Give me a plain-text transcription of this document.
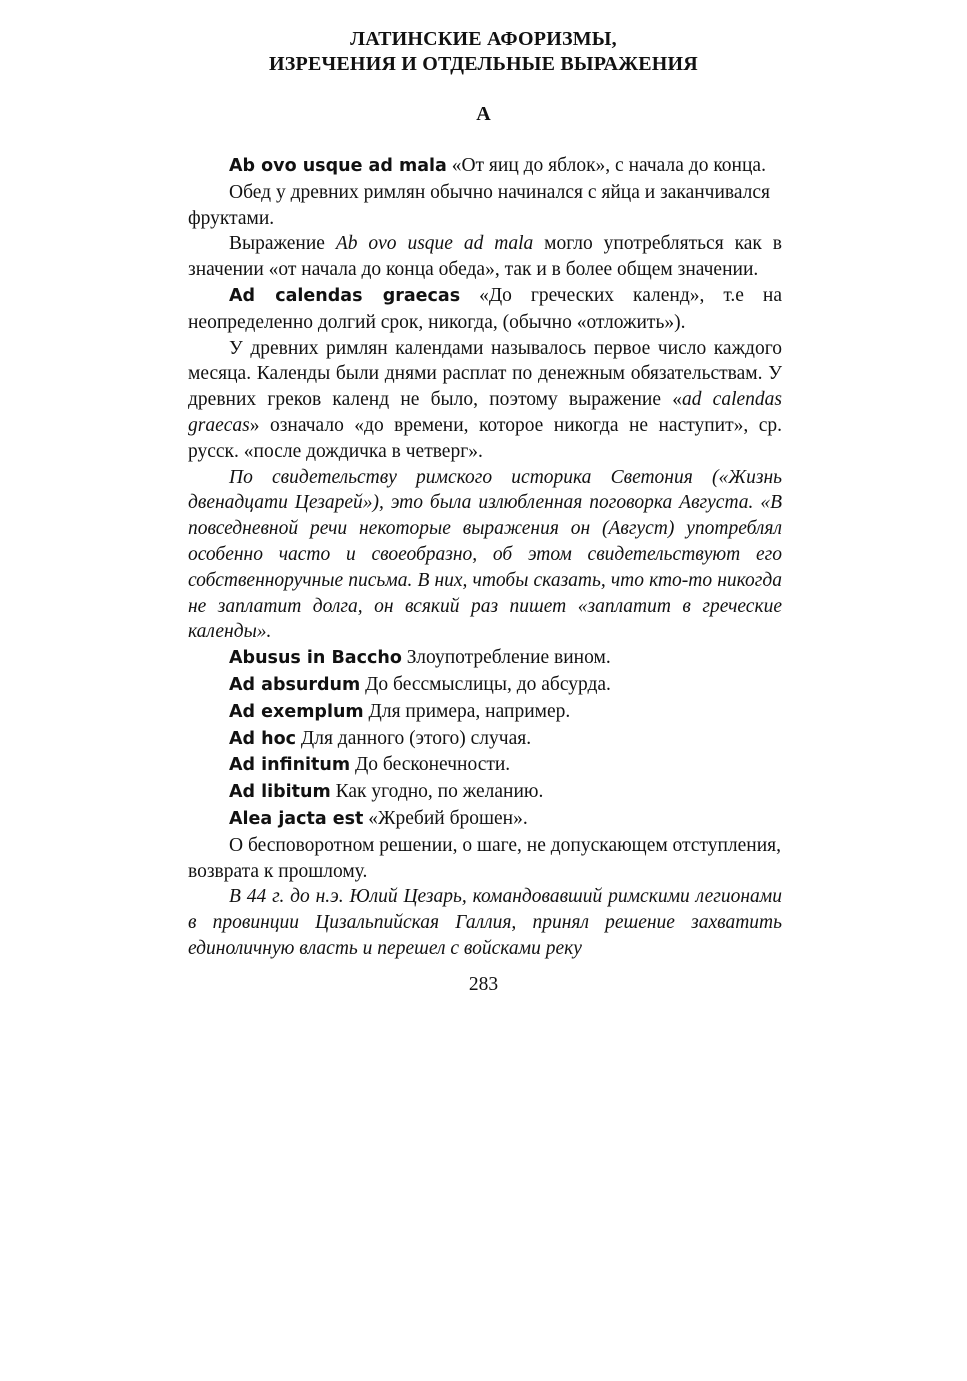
ЛАТИНСКИЕ АФОРИЗМЫ,
ИЗРЕЧЕНИЯ И ОТДЕЛЬНЫЕ ВЫРАЖЕНИЯ
А

Ab ovo usque ad mala «От яиц до яблок», с начала до конца.

Обед у древних римлян обычно начинался с яйца и заканчивался фруктами.

Выражение Ab ovo usque ad mala могло употребляться как в значении «от начала до конца обеда», так и в более общем значении.

Ad calendas graecas «До греческих календ», т.е на неопределенно долгий срок, никогда, (обычно «отложить»).

У древних римлян календами называлось первое число каждого месяца. Календы были днями расплат по денежным обязательствам. У древних греков календ не было, поэтому выражение «ad calendas graecas» означало «до времени, которое никогда не наступит», ср. русск. «после дождичка в четверг».

По свидетельству римского историка Светония («Жизнь двенадцати Цезарей»), это была излюбленная поговорка Августа. «В повседневной речи некоторые выражения он (Август) употреблял особенно часто и своеобразно, об этом свидетельствуют его собственноручные письма. В них, чтобы сказать, что кто-то никогда не заплатит долга, он всякий раз пишет «заплатит в греческие календы».

Abusus in Baccho Злоупотребление вином.

Ad absurdum До бессмыслицы, до абсурда.

Ad exemplum Для примера, например.

Ad hoc Для данного (этого) случая.

Ad infinitum До бесконечности.

Ad libitum Как угодно, по желанию.

Alea jacta est «Жребий брошен».

О бесповоротном решении, о шаге, не допускающем отступления, возврата к прошлому.

В 44 г. до н.э. Юлий Цезарь, командовавший римскими легионами в провинции Цизальпийская Галлия, принял решение захватить единоличную власть и перешел с войсками реку

283
